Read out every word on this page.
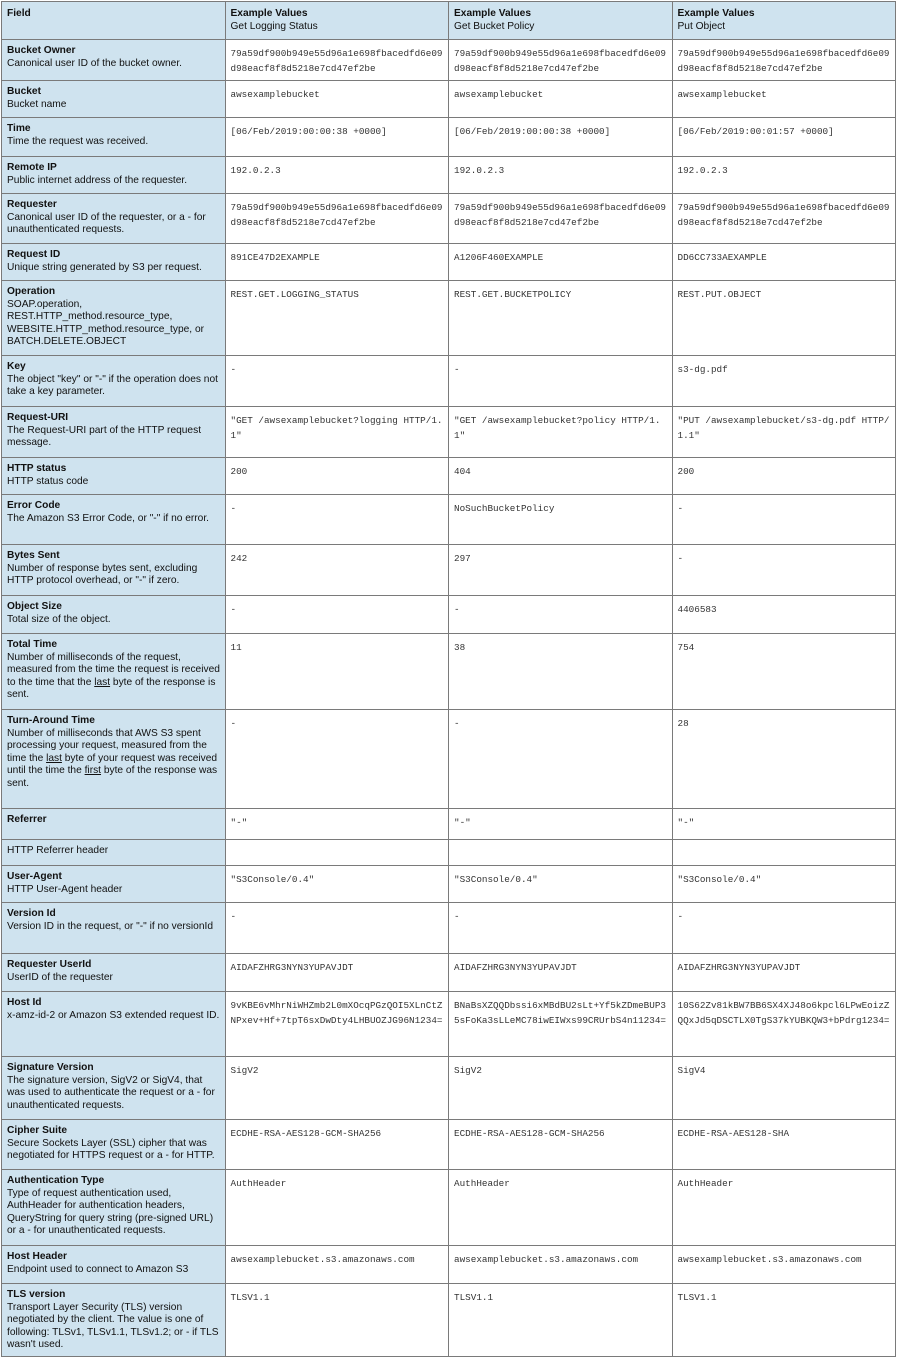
Field	Example Values
Get Logging Status	Example Values
Get Bucket Policy	Example Values
Put Object

Bucket Owner
Canonical user ID of the bucket owner.	79a59df900b949e55d96a1e698fbacedfd6e09d98eacf8f8d5218e7cd47ef2be	79a59df900b949e55d96a1e698fbacedfd6e09d98eacf8f8d5218e7cd47ef2be	79a59df900b949e55d96a1e698fbacedfd6e09d98eacf8f8d5218e7cd47ef2be

Bucket
Bucket name	awsexamplebucket	awsexamplebucket	awsexamplebucket

Time
Time the request was received.	[06/Feb/2019:00:00:38 +0000]	[06/Feb/2019:00:00:38 +0000]	[06/Feb/2019:00:01:57 +0000]

Remote IP
Public internet address of the requester.	192.0.2.3	192.0.2.3	192.0.2.3

Requester
Canonical user ID of the requester, or a - for unauthenticated requests.	79a59df900b949e55d96a1e698fbacedfd6e09d98eacf8f8d5218e7cd47ef2be	79a59df900b949e55d96a1e698fbacedfd6e09d98eacf8f8d5218e7cd47ef2be	79a59df900b949e55d96a1e698fbacedfd6e09d98eacf8f8d5218e7cd47ef2be

Request ID
Unique string generated by S3 per request.	891CE47D2EXAMPLE	A1206F460EXAMPLE	DD6CC733AEXAMPLE

Operation
SOAP.operation, REST.HTTP_method.resource_type, WEBSITE.HTTP_method.resource_type, or BATCH.DELETE.OBJECT	REST.GET.LOGGING_STATUS	REST.GET.BUCKETPOLICY	REST.PUT.OBJECT

Key
The object "key" or "-" if the operation does not take a key parameter.	-	-	s3-dg.pdf

Request-URI
The Request-URI part of the HTTP request message.	"GET /awsexamplebucket?logging HTTP/1.1"	"GET /awsexamplebucket?policy HTTP/1.1"	"PUT /awsexamplebucket/s3-dg.pdf HTTP/1.1"

HTTP status
HTTP status code	200	404	200

Error Code
The Amazon S3 Error Code, or "-" if no error.	-	NoSuchBucketPolicy	-

Bytes Sent
Number of response bytes sent, excluding HTTP protocol overhead, or "-" if zero.	242	297	-

Object Size
Total size of the object.	-	-	4406583

Total Time
Number of milliseconds of the request, measured from the time the request is received to the time that the last byte of the response is sent.	11	38	754

Turn-Around Time
Number of milliseconds that AWS S3 spent processing your request, measured from the time the last byte of your request was received until the time the first byte of the response was sent.	-	-	28

Referrer	"-"	"-"	"-"

HTTP Referrer header			

User-Agent
HTTP User-Agent header	"S3Console/0.4"	"S3Console/0.4"	"S3Console/0.4"

Version Id
Version ID in the request, or "-" if no versionId	-	-	-

Requester UserId
UserID of the requester	AIDAFZHRG3NYN3YUPAVJDT	AIDAFZHRG3NYN3YUPAVJDT	AIDAFZHRG3NYN3YUPAVJDT

Host Id
x-amz-id-2 or Amazon S3 extended request ID.	9vKBE6vMhrNiWHZmb2L0mXOcqPGzQOI5XLnCtZNPxev+Hf+7tpT6sxDwDty4LHBUOZJG96N1234=	BNaBsXZQQDbssi6xMBdBU2sLt+Yf5kZDmeBUP35sFoKa3sLLeMC78iwEIWxs99CRUrbS4n11234=	10S62Zv81kBW7BB6SX4XJ48o6kpcl6LPwEoizZQQxJd5qDSCTLX0TgS37kYUBKQW3+bPdrg1234=

Signature Version
The signature version, SigV2 or SigV4, that was used to authenticate the request or a - for unauthenticated requests.	SigV2	SigV2	SigV4

Cipher Suite
Secure Sockets Layer (SSL) cipher that was negotiated for HTTPS request or a - for HTTP.	ECDHE-RSA-AES128-GCM-SHA256	ECDHE-RSA-AES128-GCM-SHA256	ECDHE-RSA-AES128-SHA

Authentication Type
Type of request authentication used, AuthHeader for authentication headers, QueryString for query string (pre-signed URL) or a - for unauthenticated requests.	AuthHeader	AuthHeader	AuthHeader

Host Header
Endpoint used to connect to Amazon S3	awsexamplebucket.s3.amazonaws.com	awsexamplebucket.s3.amazonaws.com	awsexamplebucket.s3.amazonaws.com

TLS version
Transport Layer Security (TLS) version negotiated by the client. The value is one of following: TLSv1, TLSv1.1, TLSv1.2; or - if TLS wasn't used.	TLSV1.1	TLSV1.1	TLSV1.1
